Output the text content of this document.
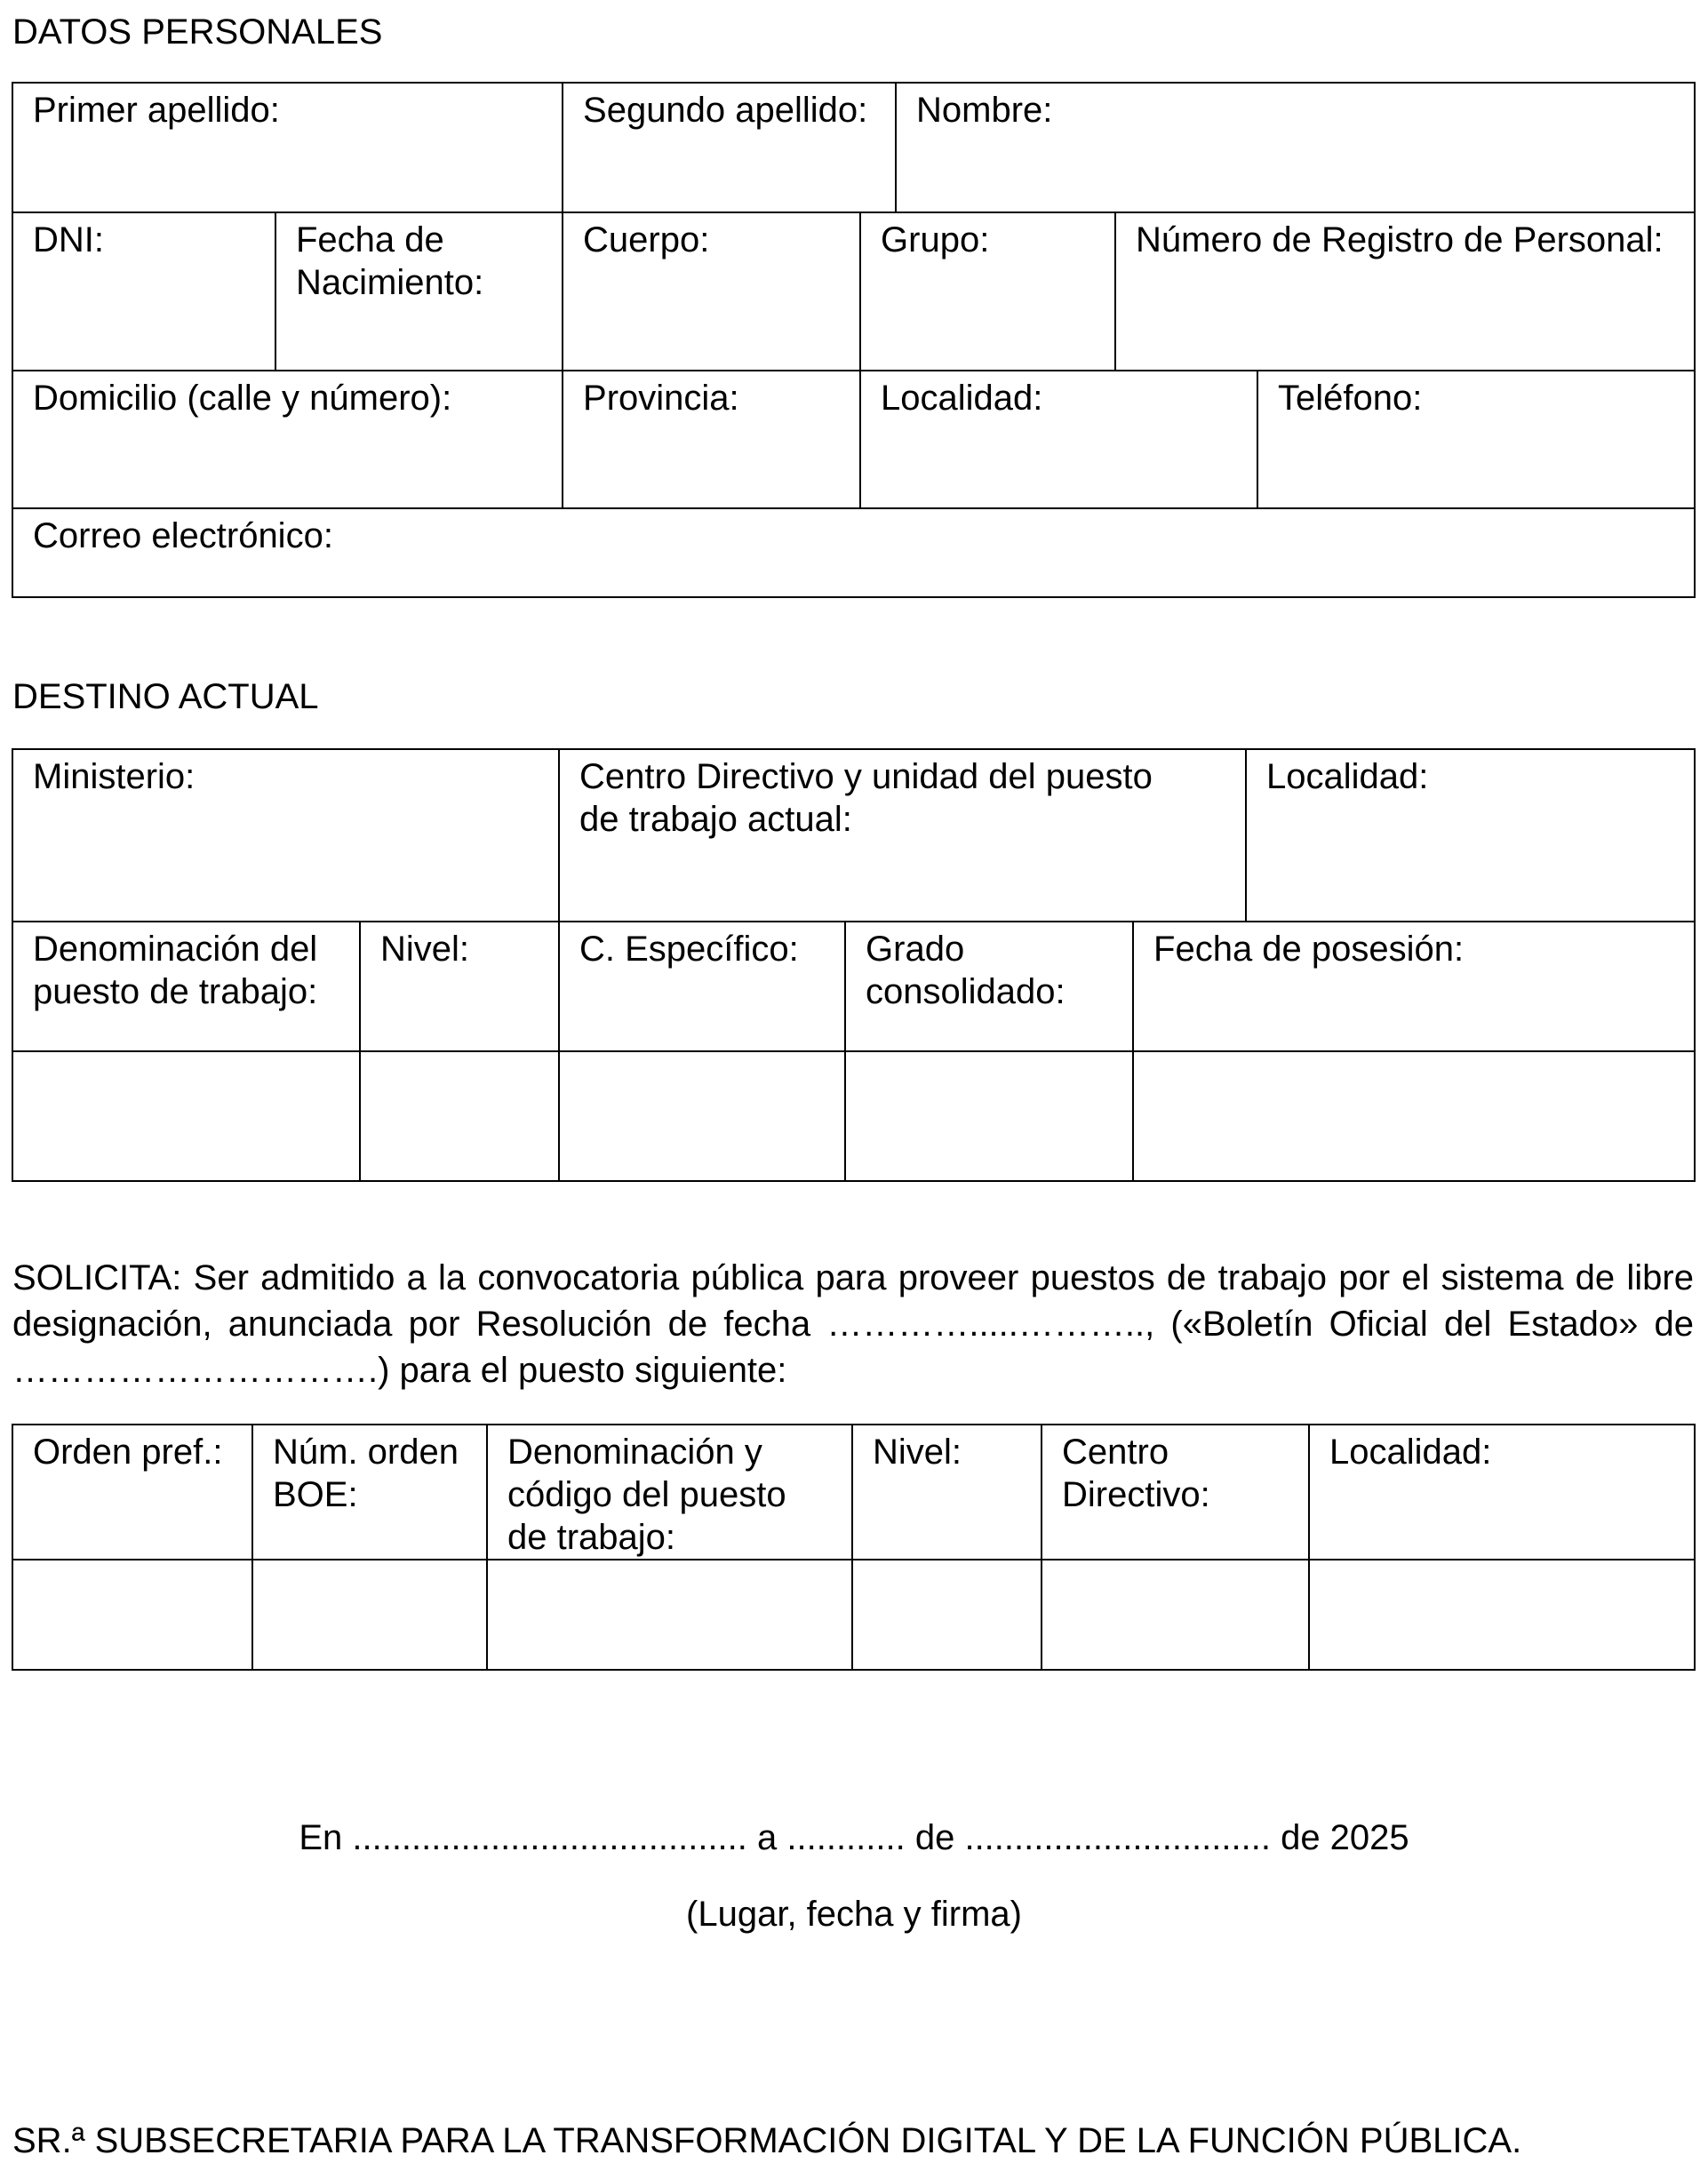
DATOS PERSONALES
Primer apellido:		Segundo apellido:		Nombre:		
DNI:	Fecha de Nacimiento:	Cuerpo:	Grupo:		Número de Registro de Personal:	
Domicilio (calle y número):		Provincia:	Localidad:			Teléfono:
Correo electrónico:						
DESTINO ACTUAL
Ministerio:		Centro Directivo y unidad del puesto de trabajo actual:			Localidad:
Denominación del puesto de trabajo:	Nivel:	C. Específico:	Grado consolidado:	Fecha de posesión:	

SOLICITA: Ser admitido a la convocatoria pública para proveer puestos de trabajo por el sistema de libre designación, anunciada por Resolución de fecha ………….....……….., («Boletín Oficial del Estado» de ………………………….) para el puesto siguiente:

Orden pref.:	Núm. orden BOE:	Denominación y código del puesto de trabajo:	Nivel:	Centro Directivo:	Localidad:

En ........................................ a ............ de ............................... de 2025

(Lugar, fecha y firma)

SR.ª SUBSECRETARIA PARA LA TRANSFORMACIÓN DIGITAL Y DE LA FUNCIÓN PÚBLICA.
